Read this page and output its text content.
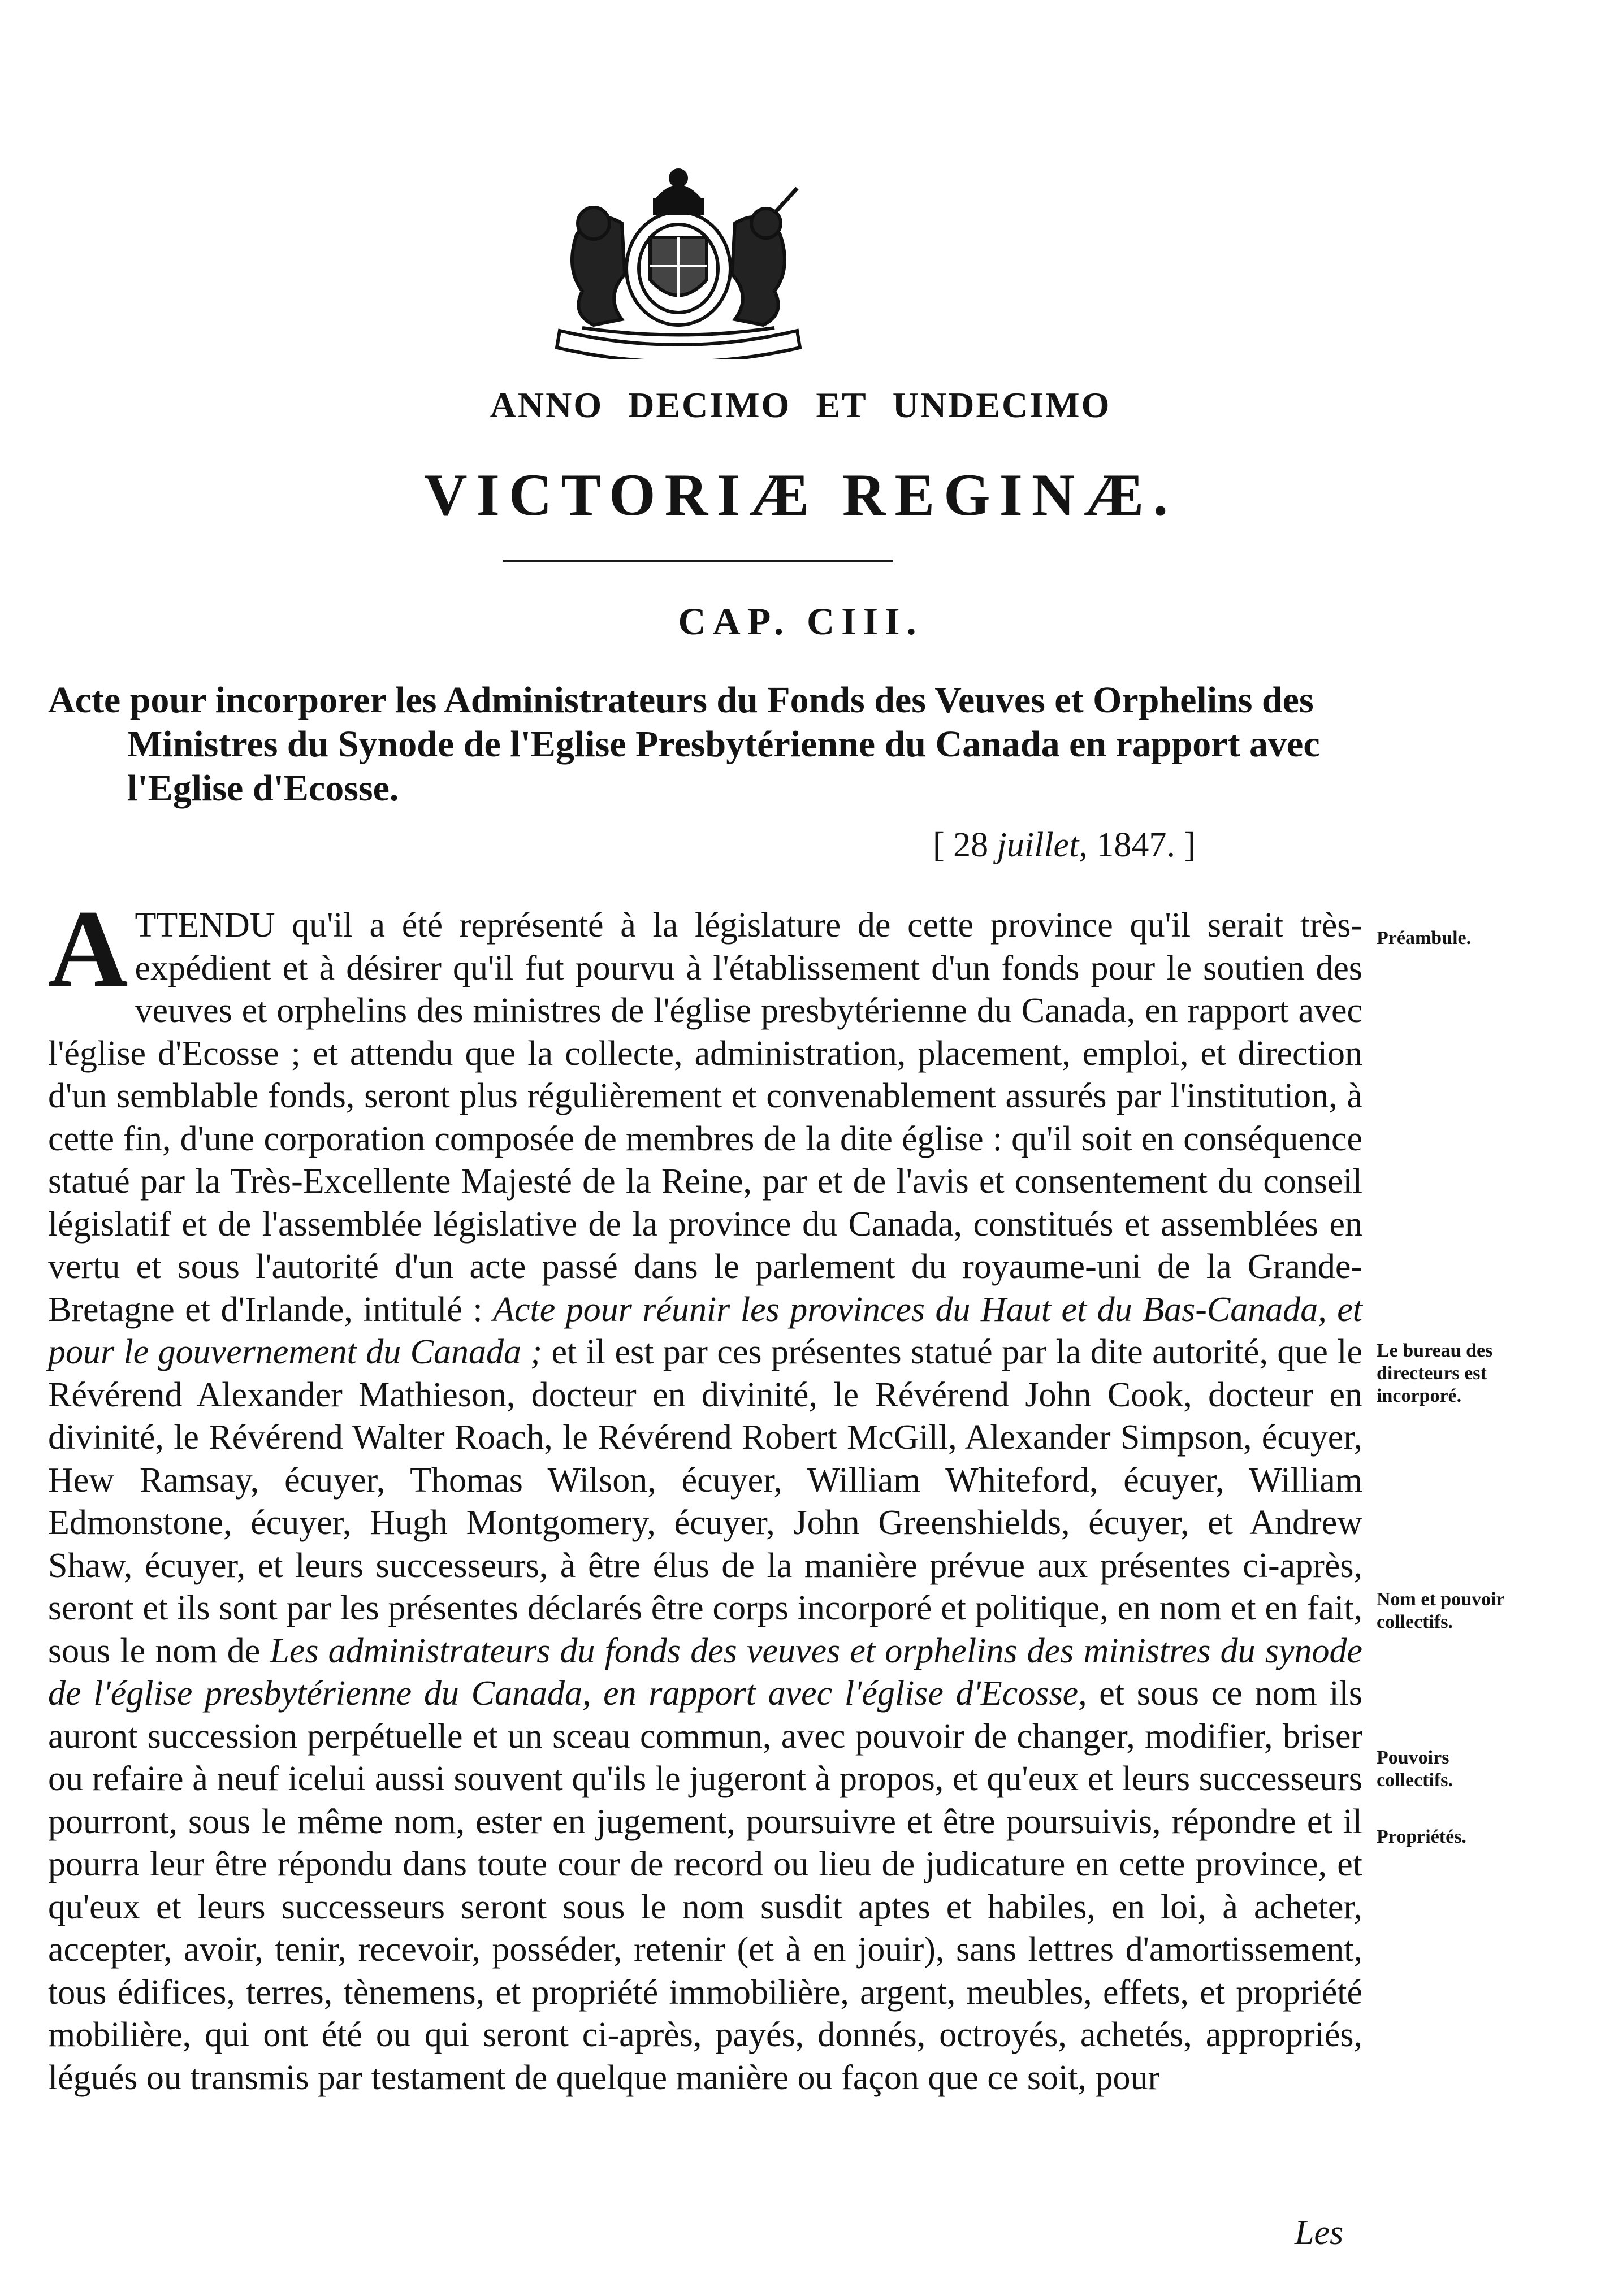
ANNO DECIMO ET UNDECIMO
VICTORIÆ REGINÆ.
CAP. CIII.
Acte pour incorporer les Administrateurs du Fonds des Veuves et Orphelins des Ministres du Synode de l'Eglise Presbytérienne du Canada en rapport avec l'Eglise d'Ecosse.
[ 28 juillet, 1847. ]

ATTENDU qu'il a été représenté à la législature de cette province qu'il serait très-expédient et à désirer qu'il fut pourvu à l'établissement d'un fonds pour le soutien des veuves et orphelins des ministres de l'église presbytérienne du Canada, en rapport avec l'église d'Ecosse ; et attendu que la collecte, administration, placement, emploi, et direction d'un semblable fonds, seront plus régulièrement et convenablement assurés par l'institution, à cette fin, d'une corporation composée de membres de la dite église : qu'il soit en conséquence statué par la Très-Excellente Majesté de la Reine, par et de l'avis et consentement du conseil législatif et de l'assemblée législative de la province du Canada, constitués et assemblées en vertu et sous l'autorité d'un acte passé dans le parlement du royaume-uni de la Grande-Bretagne et d'Irlande, intitulé : Acte pour réunir les provinces du Haut et du Bas-Canada, et pour le gouvernement du Canada ; et il est par ces présentes statué par la dite autorité, que le Révérend Alexander Mathieson, docteur en divinité, le Révérend John Cook, docteur en divinité, le Révérend Walter Roach, le Révérend Robert McGill, Alexander Simpson, écuyer, Hew Ramsay, écuyer, Thomas Wilson, écuyer, William Whiteford, écuyer, William Edmonstone, écuyer, Hugh Montgomery, écuyer, John Greenshields, écuyer, et Andrew Shaw, écuyer, et leurs successeurs, à être élus de la manière prévue aux présentes ci-après, seront et ils sont par les présentes déclarés être corps incorporé et politique, en nom et en fait, sous le nom de Les administrateurs du fonds des veuves et orphelins des ministres du synode de l'église presbytérienne du Canada, en rapport avec l'église d'Ecosse, et sous ce nom ils auront succession perpétuelle et un sceau commun, avec pouvoir de changer, modifier, briser ou refaire à neuf icelui aussi souvent qu'ils le jugeront à propos, et qu'eux et leurs successeurs pourront, sous le même nom, ester en jugement, poursuivre et être poursuivis, répondre et il pourra leur être répondu dans toute cour de record ou lieu de judicature en cette province, et qu'eux et leurs successeurs seront sous le nom susdit aptes et habiles, en loi, à acheter, accepter, avoir, tenir, recevoir, posséder, retenir (et à en jouir), sans lettres d'amortissement, tous édifices, terres, tènemens, et propriété immobilière, argent, meubles, effets, et propriété mobilière, qui ont été ou qui seront ci-après, payés, donnés, octroyés, achetés, appropriés, légués ou transmis par testament de quelque manière ou façon que ce soit, pour

Les
Préambule.
Le bureau des directeurs est incorporé.
Nom et pouvoir collectifs.
Pouvoirs collectifs.
Propriétés.
